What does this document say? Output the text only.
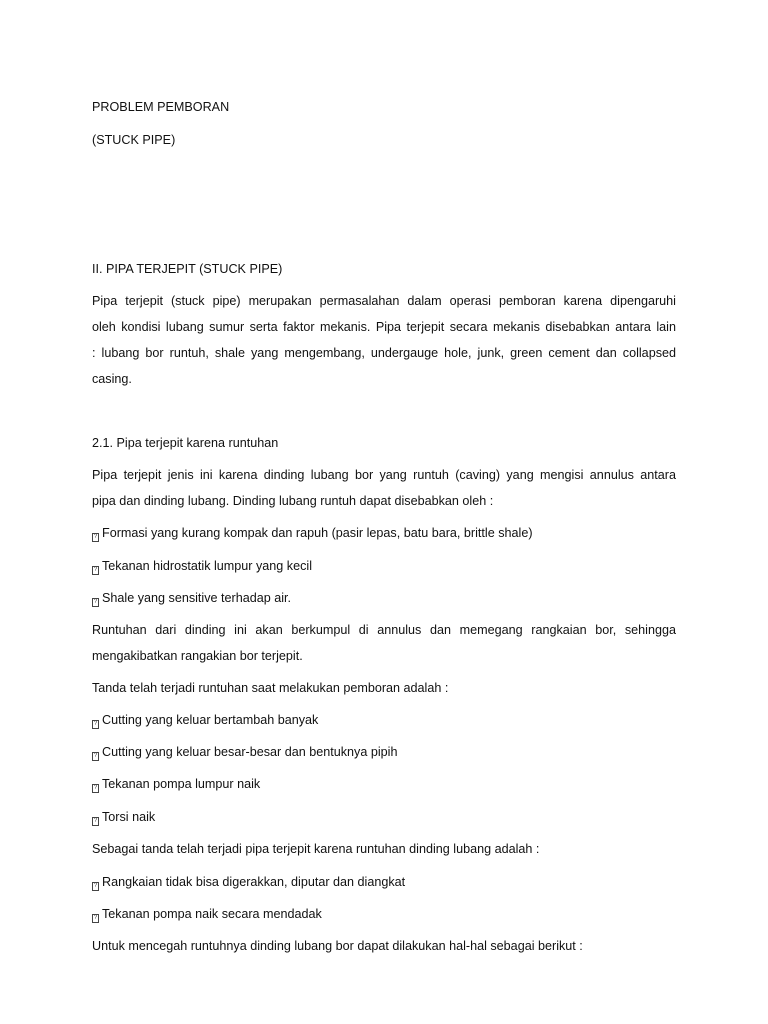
PROBLEM PEMBORAN
(STUCK PIPE)
II. PIPA TERJEPIT (STUCK PIPE)
Pipa terjepit (stuck pipe) merupakan permasalahan dalam operasi pemboran karena dipengaruhi
oleh kondisi lubang sumur serta faktor mekanis. Pipa terjepit secara mekanis disebabkan antara lain
: lubang bor runtuh, shale yang mengembang, undergauge hole, junk, green cement dan collapsed
casing.
2.1. Pipa terjepit karena runtuhan
Pipa terjepit jenis ini karena dinding lubang bor yang runtuh (caving) yang mengisi annulus antara
pipa dan dinding lubang. Dinding lubang runtuh dapat disebabkan oleh :
? Formasi yang kurang kompak dan rapuh (pasir lepas, batu bara, brittle shale)
? Tekanan hidrostatik lumpur yang kecil
? Shale yang sensitive terhadap air.
Runtuhan dari dinding ini akan berkumpul di annulus dan memegang rangkaian bor, sehingga
mengakibatkan rangakian bor terjepit.
Tanda telah terjadi runtuhan saat melakukan pemboran adalah :
? Cutting yang keluar bertambah banyak
? Cutting yang keluar besar-besar dan bentuknya pipih
? Tekanan pompa lumpur naik
? Torsi naik
Sebagai tanda telah terjadi pipa terjepit karena runtuhan dinding lubang adalah :
? Rangkaian tidak bisa digerakkan, diputar dan diangkat
? Tekanan pompa naik secara mendadak
Untuk mencegah runtuhnya dinding lubang bor dapat dilakukan hal-hal sebagai berikut :
